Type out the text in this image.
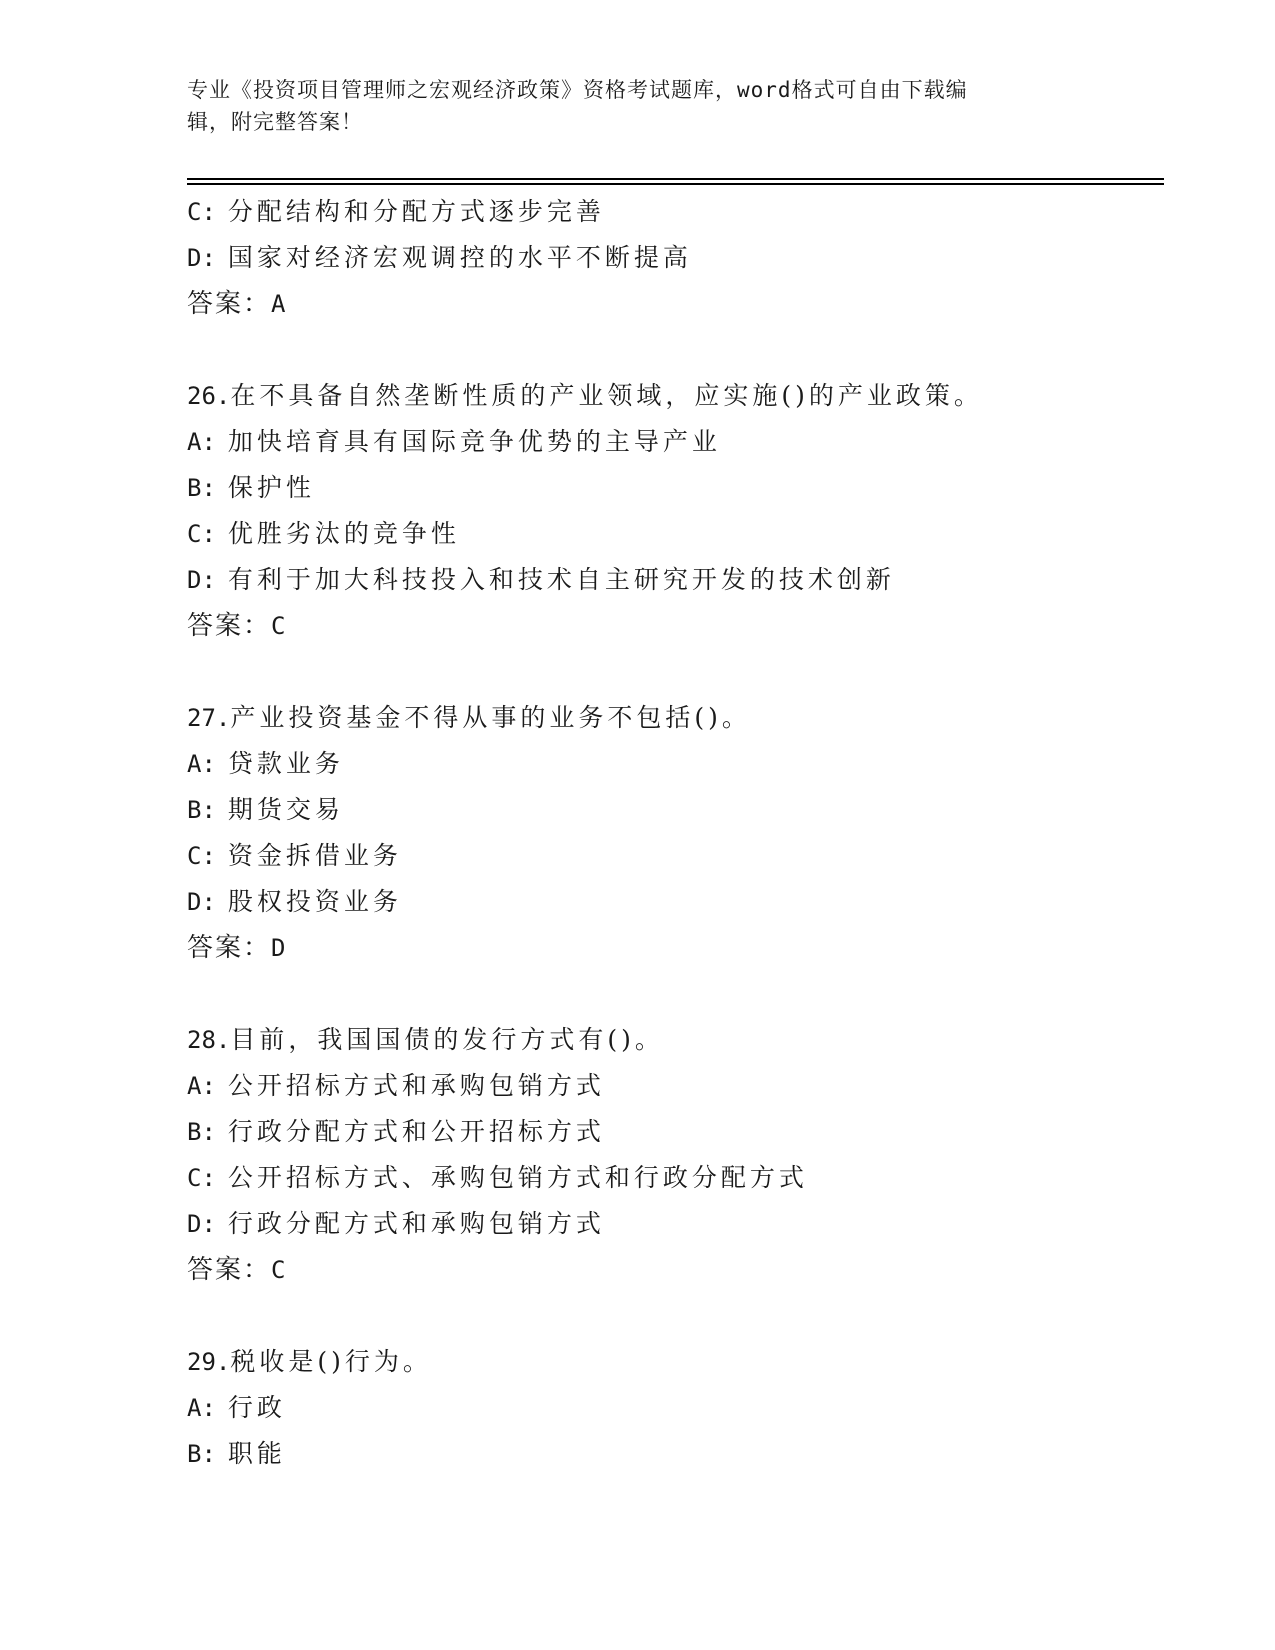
专业《投资项目管理师之宏观经济政策》资格考试题库，word格式可自由下载编
辑，附完整答案！
C: 分配结构和分配方式逐步完善
D: 国家对经济宏观调控的水平不断提高
答案：A
26.在不具备自然垄断性质的产业领域，应实施()的产业政策。
A: 加快培育具有国际竞争优势的主导产业
B: 保护性
C: 优胜劣汰的竞争性
D: 有利于加大科技投入和技术自主研究开发的技术创新
答案：C
27.产业投资基金不得从事的业务不包括()。
A: 贷款业务
B: 期货交易
C: 资金拆借业务
D: 股权投资业务
答案：D
28.目前，我国国债的发行方式有()。
A: 公开招标方式和承购包销方式
B: 行政分配方式和公开招标方式
C: 公开招标方式、承购包销方式和行政分配方式
D: 行政分配方式和承购包销方式
答案：C
29.税收是()行为。
A: 行政
B: 职能
